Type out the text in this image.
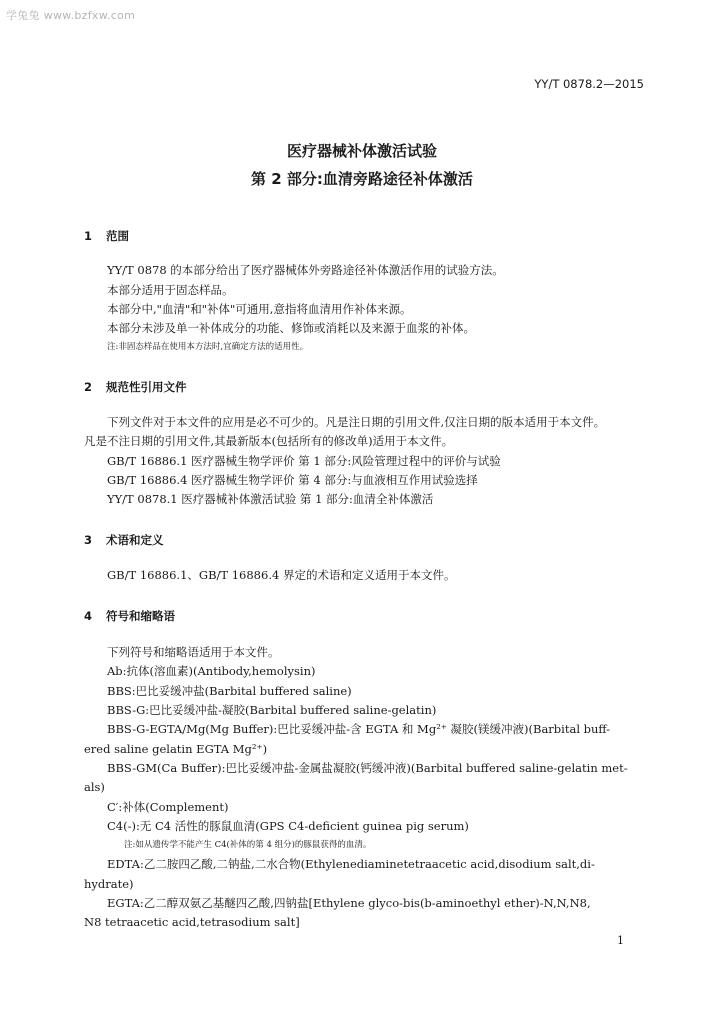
学兔兔 www.bzfxw.com
YY/T 0878.2—2015
医疗器械补体激活试验
第 2 部分:血清旁路途径补体激活
1 范围
YY/T 0878 的本部分给出了医疗器械体外旁路途径补体激活作用的试验方法。
本部分适用于固态样品。
本部分中,"血清"和"补体"可通用,意指将血清用作补体来源。
本部分未涉及单一补体成分的功能、修饰或消耗以及来源于血浆的补体。
注:非固态样品在使用本方法时,宜确定方法的适用性。
2 规范性引用文件
下列文件对于本文件的应用是必不可少的。凡是注日期的引用文件,仅注日期的版本适用于本文件。
凡是不注日期的引用文件,其最新版本(包括所有的修改单)适用于本文件。
GB/T 16886.1 医疗器械生物学评价 第 1 部分:风险管理过程中的评价与试验
GB/T 16886.4 医疗器械生物学评价 第 4 部分:与血液相互作用试验选择
YY/T 0878.1 医疗器械补体激活试验 第 1 部分:血清全补体激活
3 术语和定义
GB/T 16886.1、GB/T 16886.4 界定的术语和定义适用于本文件。
4 符号和缩略语
下列符号和缩略语适用于本文件。
Ab:抗体(溶血素)(Antibody,hemolysin)
BBS:巴比妥缓冲盐(Barbital buffered saline)
BBS-G:巴比妥缓冲盐-凝胶(Barbital buffered saline-gelatin)
BBS-G-EGTA/Mg(Mg Buffer):巴比妥缓冲盐-含 EGTA 和 Mg²⁺ 凝胶(镁缓冲液)(Barbital buff-
ered saline gelatin EGTA Mg²⁺)
BBS-GM(Ca Buffer):巴比妥缓冲盐-金属盐凝胶(钙缓冲液)(Barbital buffered saline-gelatin met-
als)
C′:补体(Complement)
C4(-):无 C4 活性的豚鼠血清(GPS C4-deficient guinea pig serum)
注:如从遗传学不能产生 C4(补体的第 4 组分)的豚鼠获得的血清。
EDTA:乙二胺四乙酸,二钠盐,二水合物(Ethylenediaminetetraacetic acid,disodium salt,di-
hydrate)
EGTA:乙二醇双氨乙基醚四乙酸,四钠盐[Ethylene glyco-bis(b-aminoethyl ether)-N,N,N8,
N8 tetraacetic acid,tetrasodium salt]
1
